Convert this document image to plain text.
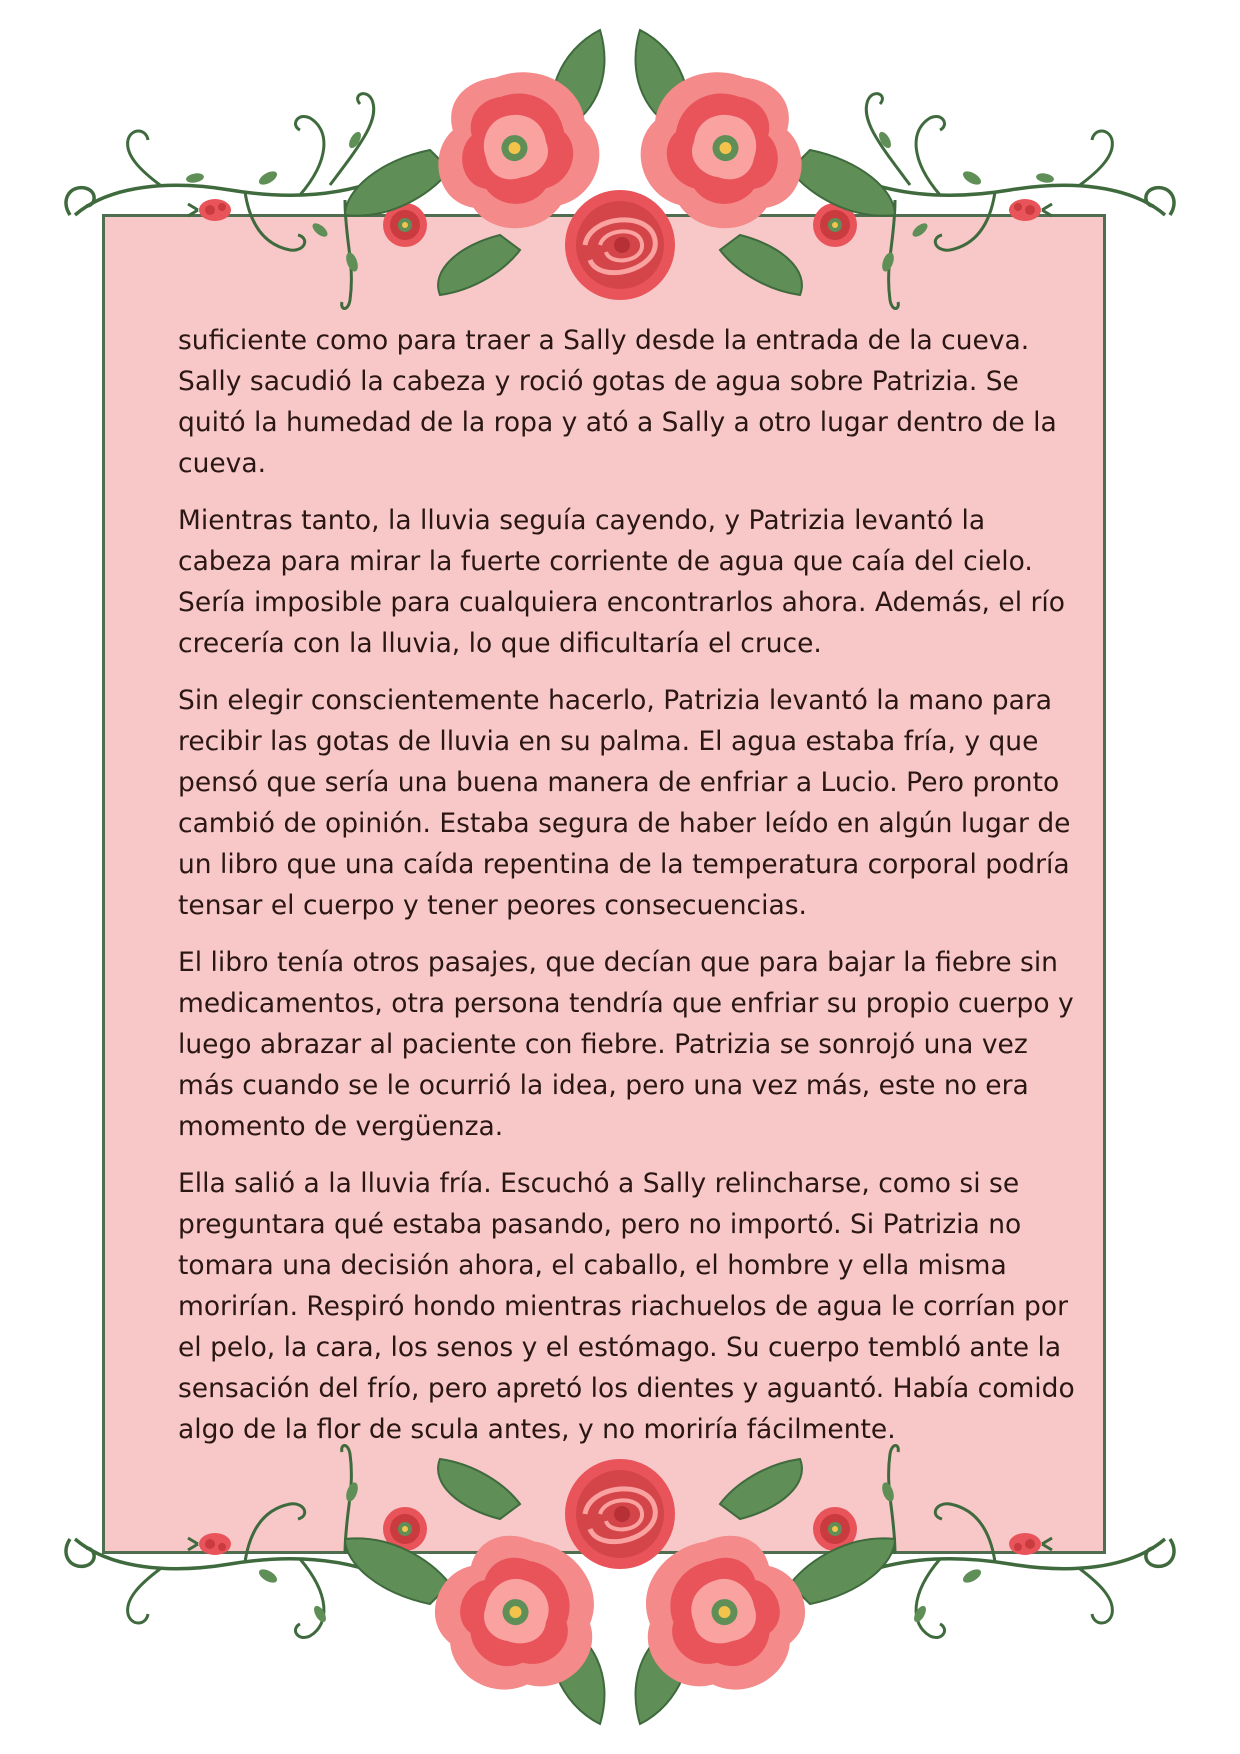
suficiente como para traer a Sally desde la entrada de la cueva. Sally sacudió la cabeza y roció gotas de agua sobre Patrizia. Se quitó la humedad de la ropa y ató a Sally a otro lugar dentro de la cueva.

Mientras tanto, la lluvia seguía cayendo, y Patrizia levantó la cabeza para mirar la fuerte corriente de agua que caía del cielo. Sería imposible para cualquiera encontrarlos ahora. Además, el río crecería con la lluvia, lo que dificultaría el cruce.

Sin elegir conscientemente hacerlo, Patrizia levantó la mano para recibir las gotas de lluvia en su palma. El agua estaba fría, y que pensó que sería una buena manera de enfriar a Lucio. Pero pronto cambió de opinión. Estaba segura de haber leído en algún lugar de un libro que una caída repentina de la temperatura corporal podría tensar el cuerpo y tener peores consecuencias.

El libro tenía otros pasajes, que decían que para bajar la fiebre sin medicamentos, otra persona tendría que enfriar su propio cuerpo y luego abrazar al paciente con fiebre. Patrizia se sonrojó una vez más cuando se le ocurrió la idea, pero una vez más, este no era momento de vergüenza.

Ella salió a la lluvia fría. Escuchó a Sally relincharse, como si se preguntara qué estaba pasando, pero no importó. Si Patrizia no tomara una decisión ahora, el caballo, el hombre y ella misma morirían. Respiró hondo mientras riachuelos de agua le corrían por el pelo, la cara, los senos y el estómago. Su cuerpo tembló ante la sensación del frío, pero apretó los dientes y aguantó. Había comido algo de la flor de scula antes, y no moriría fácilmente.
